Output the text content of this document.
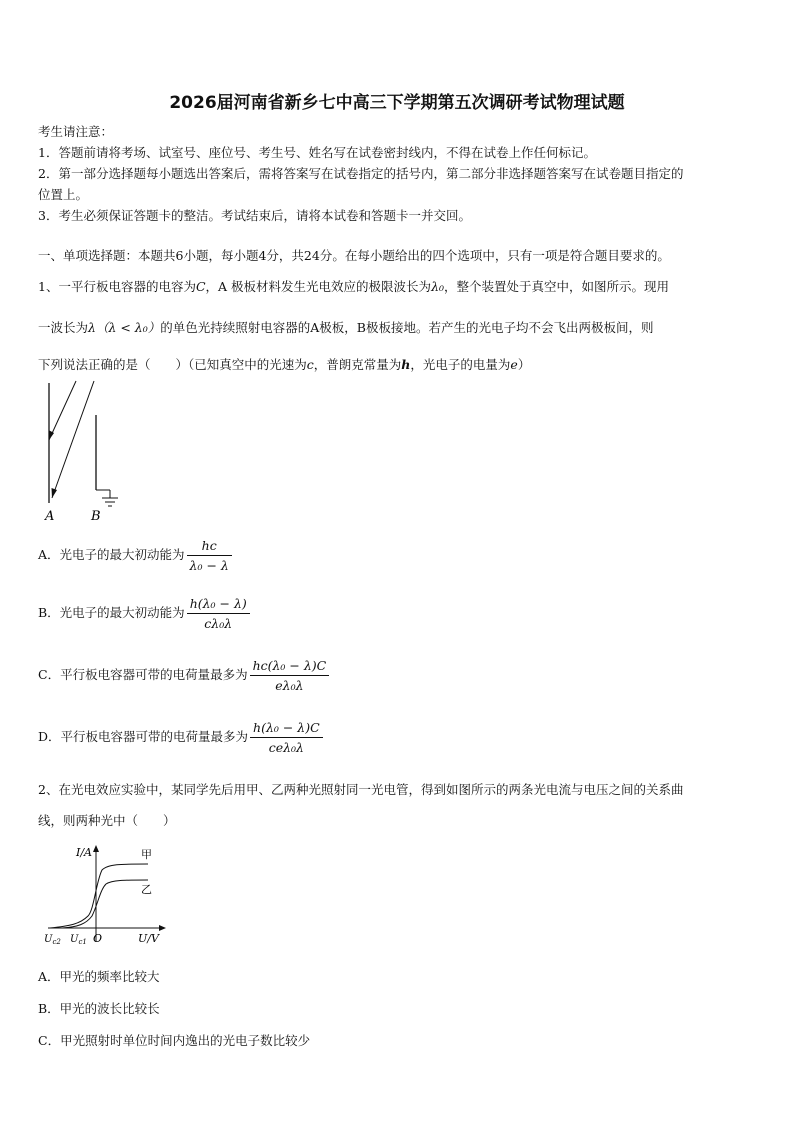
2026届河南省新乡七中高三下学期第五次调研考试物理试题
考生请注意：
1．答题前请将考场、试室号、座位号、考生号、姓名写在试卷密封线内，不得在试卷上作任何标记。
2．第一部分选择题每小题选出答案后，需将答案写在试卷指定的括号内，第二部分非选择题答案写在试卷题目指定的
位置上。
3．考生必须保证答题卡的整洁。考试结束后，请将本试卷和答题卡一并交回。
一、单项选择题：本题共6小题，每小题4分，共24分。在每小题给出的四个选项中，只有一项是符合题目要求的。
1、一平行板电容器的电容为C，A 极板材料发生光电效应的极限波长为λ₀，整个装置处于真空中，如图所示。现用
一波长为λ（λ < λ₀）的单色光持续照射电容器的A极板，B极板接地。若产生的光电子均不会飞出两极板间，则
下列说法正确的是（　　）（已知真空中的光速为c，普朗克常量为h，光电子的电量为e）
A	B
A．光电子的最大初动能为 $\frac{hc}{\text{λ₀ − λ}}$
B．光电子的最大初动能为 $\frac{\text{h(λ₀ − λ)}}{\text{cλ₀λ}}$
C．平行板电容器可带的电荷量最多为 $\frac{\text{hc(λ₀ − λ)C}}{\text{eλ₀λ}}$
D．平行板电容器可带的电荷量最多为 $\frac{\text{h(λ₀ − λ)C}}{\text{ceλ₀λ}}$
2、在光电效应实验中，某同学先后用甲、乙两种光照射同一光电管，得到如图所示的两条光电流与电压之间的关系曲
线，则两种光中（　　）
I/A	甲
乙
$U_{c2}$ $U_{c1}$ O	U/V
A．甲光的频率比较大
B．甲光的波长比较长
C．甲光照射时单位时间内逸出的光电子数比较少
